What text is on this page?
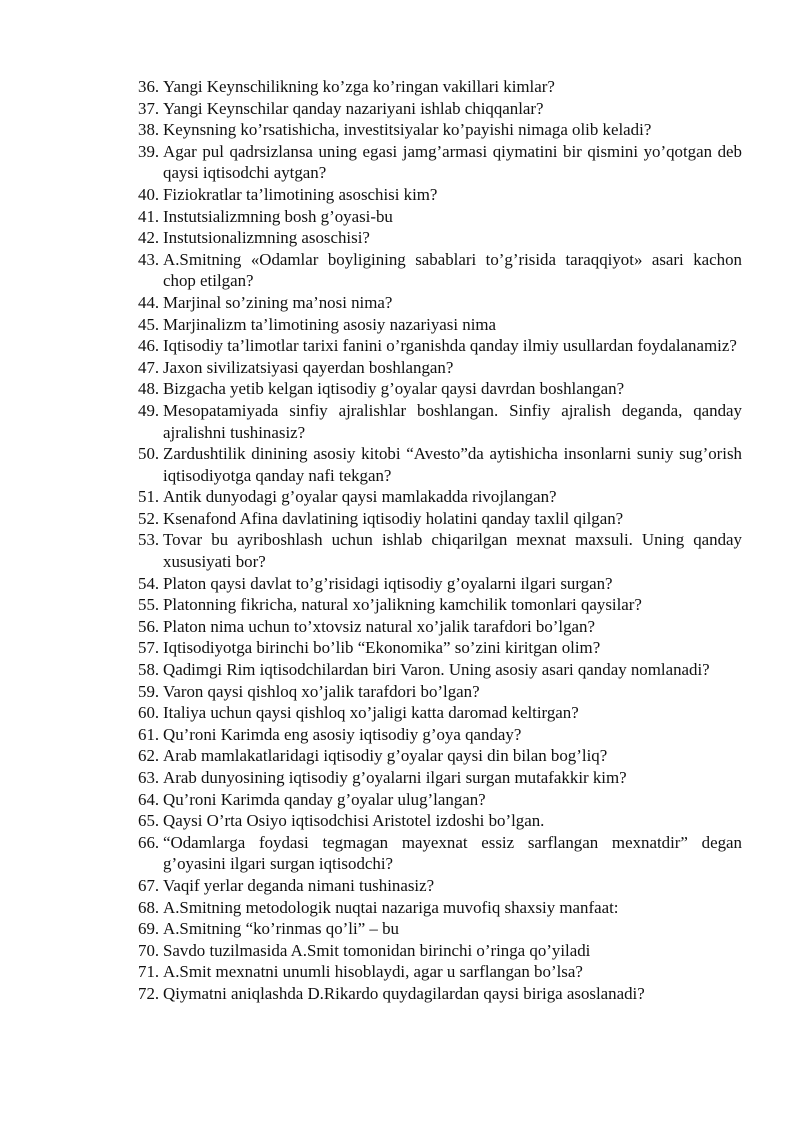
36. Yangi Keynschilikning ko’zga ko’ringan vakillari kimlar?
37. Yangi Keynschilar qanday nazariyani ishlab chiqqanlar?
38. Keynsning ko’rsatishicha, investitsiyalar ko’payishi nimaga olib keladi?
39. Agar pul qadrsizlansa uning egasi jamg’armasi qiymatini bir qismini yo’qotgan deb qaysi iqtisodchi aytgan?
40. Fiziokratlar ta’limotining asoschisi kim?
41. Instutsializmning bosh g’oyasi-bu
42. Instutsionalizmning asoschisi?
43. A.Smitning «Odamlar boyligining sabablari to’g’risida taraqqiyot» asari kachon chop etilgan?
44. Marjinal so’zining ma’nosi nima?
45. Marjinalizm ta’limotining asosiy nazariyasi nima
46. Iqtisodiy ta’limotlar tarixi fanini o’rganishda qanday ilmiy usullardan foydalanamiz?
47. Jaxon sivilizatsiyasi qayerdan boshlangan?
48. Bizgacha yetib kelgan iqtisodiy g’oyalar qaysi davrdan boshlangan?
49. Mesopatamiyada sinfiy ajralishlar boshlangan. Sinfiy ajralish deganda, qanday ajralishni tushinasiz?
50. Zardushtilik dinining asosiy kitobi “Avesto”da aytishicha insonlarni suniy sug’orish iqtisodiyotga qanday nafi tekgan?
51. Antik dunyodagi g’oyalar qaysi mamlakadda rivojlangan?
52. Ksenafond Afina davlatining iqtisodiy holatini qanday taxlil qilgan?
53. Tovar bu ayriboshlash uchun ishlab chiqarilgan mexnat maxsuli. Uning qanday xususiyati bor?
54. Platon qaysi davlat to’g’risidagi iqtisodiy g’oyalarni ilgari surgan?
55. Platonning fikricha, natural xo’jalikning kamchilik tomonlari qaysilar?
56. Platon nima uchun to’xtovsiz natural xo’jalik tarafdori bo’lgan?
57. Iqtisodiyotga birinchi bo’lib “Ekonomika” so’zini kiritgan olim?
58. Qadimgi Rim iqtisodchilardan biri Varon. Uning asosiy asari qanday nomlanadi?
59. Varon qaysi qishloq xo’jalik tarafdori bo’lgan?
60. Italiya uchun qaysi qishloq xo’jaligi katta daromad keltirgan?
61. Qu’roni Karimda eng asosiy iqtisodiy g’oya qanday?
62. Arab mamlakatlaridagi iqtisodiy g’oyalar qaysi din bilan bog’liq?
63. Arab dunyosining iqtisodiy g’oyalarni ilgari surgan mutafakkir kim?
64. Qu’roni Karimda qanday g’oyalar ulug’langan?
65. Qaysi O’rta Osiyo iqtisodchisi Aristotel izdoshi bo’lgan.
66. “Odamlarga foydasi tegmagan mayexnat essiz sarflangan mexnatdir” degan g’oyasini ilgari surgan iqtisodchi?
67. Vaqif yerlar deganda nimani tushinasiz?
68. A.Smitning metodologik nuqtai nazariga muvofiq shaxsiy manfaat:
69. A.Smitning “ko’rinmas qo’li” – bu
70. Savdo tuzilmasida A.Smit tomonidan birinchi o’ringa qo’yiladi
71. A.Smit mexnatni unumli hisoblaydi, agar u sarflangan bo’lsa?
72. Qiymatni aniqlashda D.Rikardo quydagilardan qaysi biriga asoslanadi?
